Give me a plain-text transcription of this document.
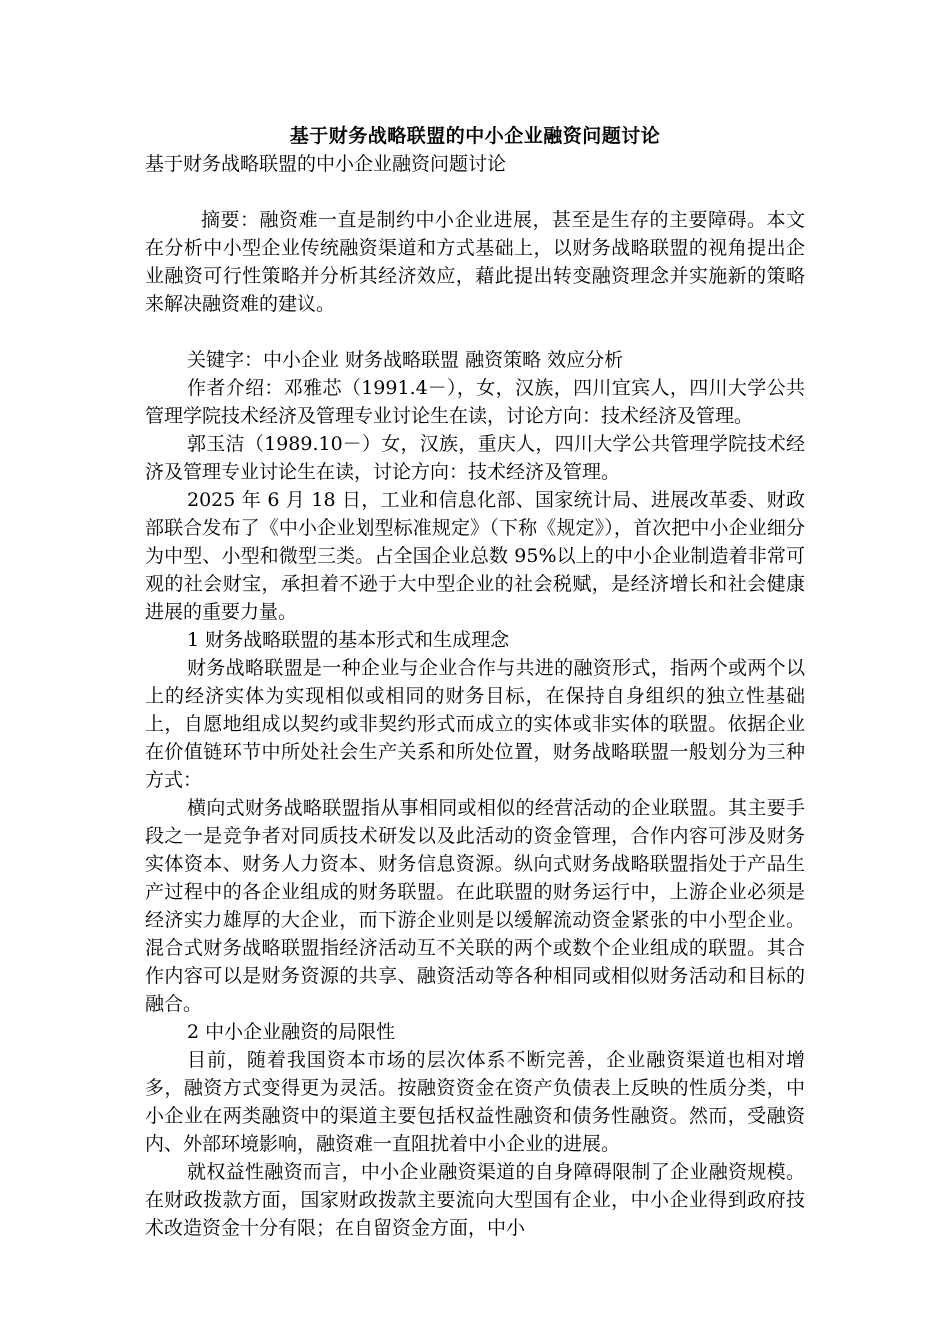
基于财务战略联盟的中小企业融资问题讨论

基于财务战略联盟的中小企业融资问题讨论

摘要：融资难一直是制约中小企业进展，甚至是生存的主要障碍。本文在分析中小型企业传统融资渠道和方式基础上，以财务战略联盟的视角提出企业融资可行性策略并分析其经济效应，藉此提出转变融资理念并实施新的策略来解决融资难的建议。

关键字：中小企业 财务战略联盟 融资策略 效应分析

作者介绍：邓雅芯（1991.4－），女，汉族，四川宜宾人，四川大学公共管理学院技术经济及管理专业讨论生在读，讨论方向：技术经济及管理。

郭玉洁（1989.10－）女，汉族，重庆人，四川大学公共管理学院技术经济及管理专业讨论生在读，讨论方向：技术经济及管理。

2025 年 6 月 18 日，工业和信息化部、国家统计局、进展改革委、财政部联合发布了《中小企业划型标准规定》（下称《规定》），首次把中小企业细分为中型、小型和微型三类。占全国企业总数 95%以上的中小企业制造着非常可观的社会财宝，承担着不逊于大中型企业的社会税赋，是经济增长和社会健康进展的重要力量。

1 财务战略联盟的基本形式和生成理念

财务战略联盟是一种企业与企业合作与共进的融资形式，指两个或两个以上的经济实体为实现相似或相同的财务目标，在保持自身组织的独立性基础上，自愿地组成以契约或非契约形式而成立的实体或非实体的联盟。依据企业在价值链环节中所处社会生产关系和所处位置，财务战略联盟一般划分为三种方式：

横向式财务战略联盟指从事相同或相似的经营活动的企业联盟。其主要手段之一是竞争者对同质技术研发以及此活动的资金管理，合作内容可涉及财务实体资本、财务人力资本、财务信息资源。纵向式财务战略联盟指处于产品生产过程中的各企业组成的财务联盟。在此联盟的财务运行中，上游企业必须是经济实力雄厚的大企业，而下游企业则是以缓解流动资金紧张的中小型企业。混合式财务战略联盟指经济活动互不关联的两个或数个企业组成的联盟。其合作内容可以是财务资源的共享、融资活动等各种相同或相似财务活动和目标的融合。

2 中小企业融资的局限性

目前，随着我国资本市场的层次体系不断完善，企业融资渠道也相对增多，融资方式变得更为灵活。按融资资金在资产负债表上反映的性质分类，中小企业在两类融资中的渠道主要包括权益性融资和债务性融资。然而，受融资内、外部环境影响，融资难一直阻扰着中小企业的进展。

就权益性融资而言，中小企业融资渠道的自身障碍限制了企业融资规模。在财政拨款方面，国家财政拨款主要流向大型国有企业，中小企业得到政府技术改造资金十分有限；在自留资金方面，中小
